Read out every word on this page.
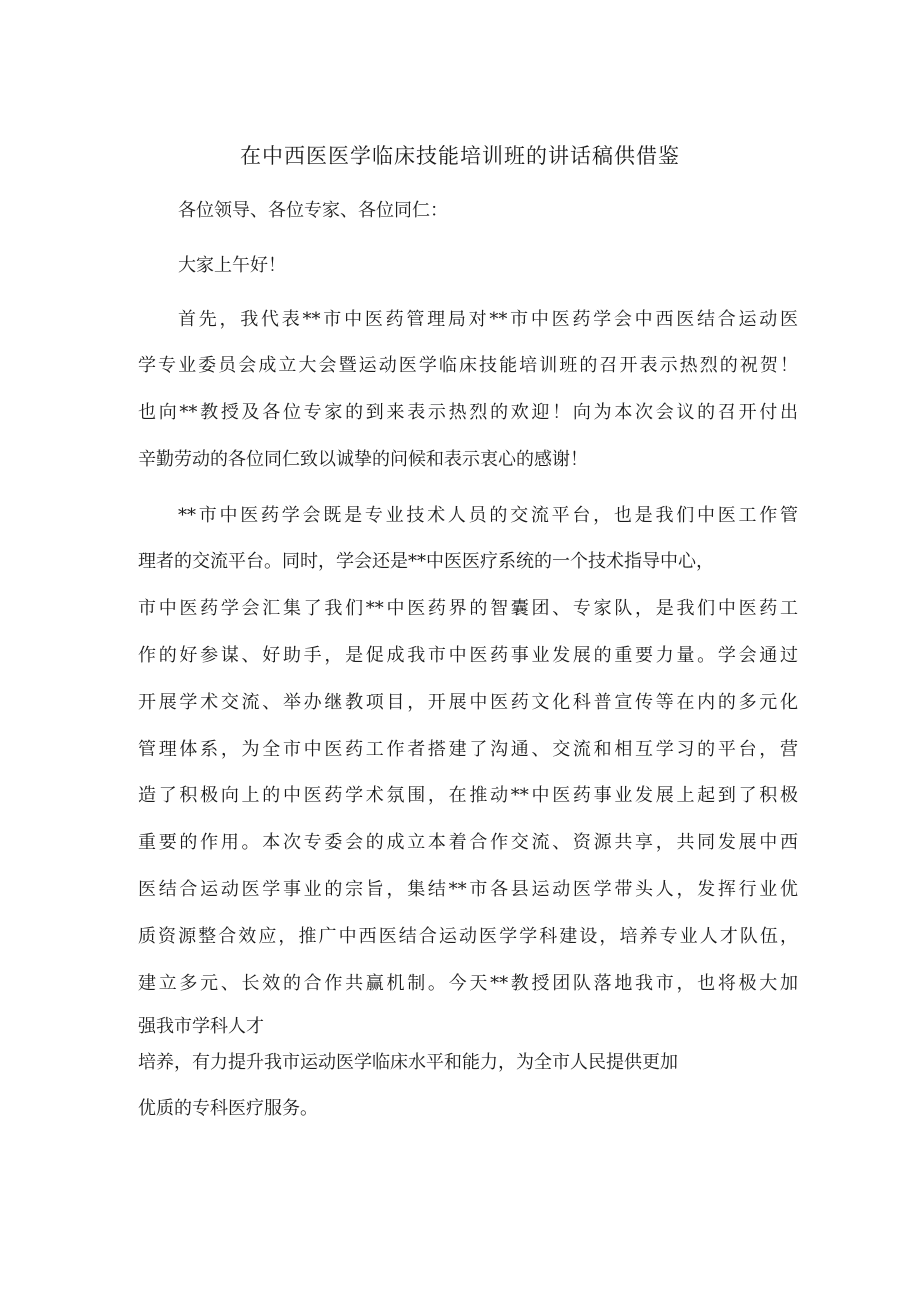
在中西医医学临床技能培训班的讲话稿供借鉴

各位领导、各位专家、各位同仁：

大家上午好！

首先，我代表**市中医药管理局对**市中医药学会中西医结合运动医

学专业委员会成立大会暨运动医学临床技能培训班的召开表示热烈的祝贺！

也向**教授及各位专家的到来表示热烈的欢迎！向为本次会议的召开付出

辛勤劳动的各位同仁致以诚挚的问候和表示衷心的感谢！

**市中医药学会既是专业技术人员的交流平台，也是我们中医工作管

理者的交流平台。同时，学会还是**中医医疗系统的一个技术指导中心，

市中医药学会汇集了我们**中医药界的智囊团、专家队，是我们中医药工

作的好参谋、好助手，是促成我市中医药事业发展的重要力量。学会通过

开展学术交流、举办继教项目，开展中医药文化科普宣传等在内的多元化

管理体系，为全市中医药工作者搭建了沟通、交流和相互学习的平台，营

造了积极向上的中医药学术氛围，在推动**中医药事业发展上起到了积极

重要的作用。本次专委会的成立本着合作交流、资源共享，共同发展中西

医结合运动医学事业的宗旨，集结**市各县运动医学带头人，发挥行业优

质资源整合效应，推广中西医结合运动医学学科建设，培养专业人才队伍，

建立多元、长效的合作共赢机制。今天**教授团队落地我市，也将极大加

强我市学科人才

培养，有力提升我市运动医学临床水平和能力，为全市人民提供更加

优质的专科医疗服务。
